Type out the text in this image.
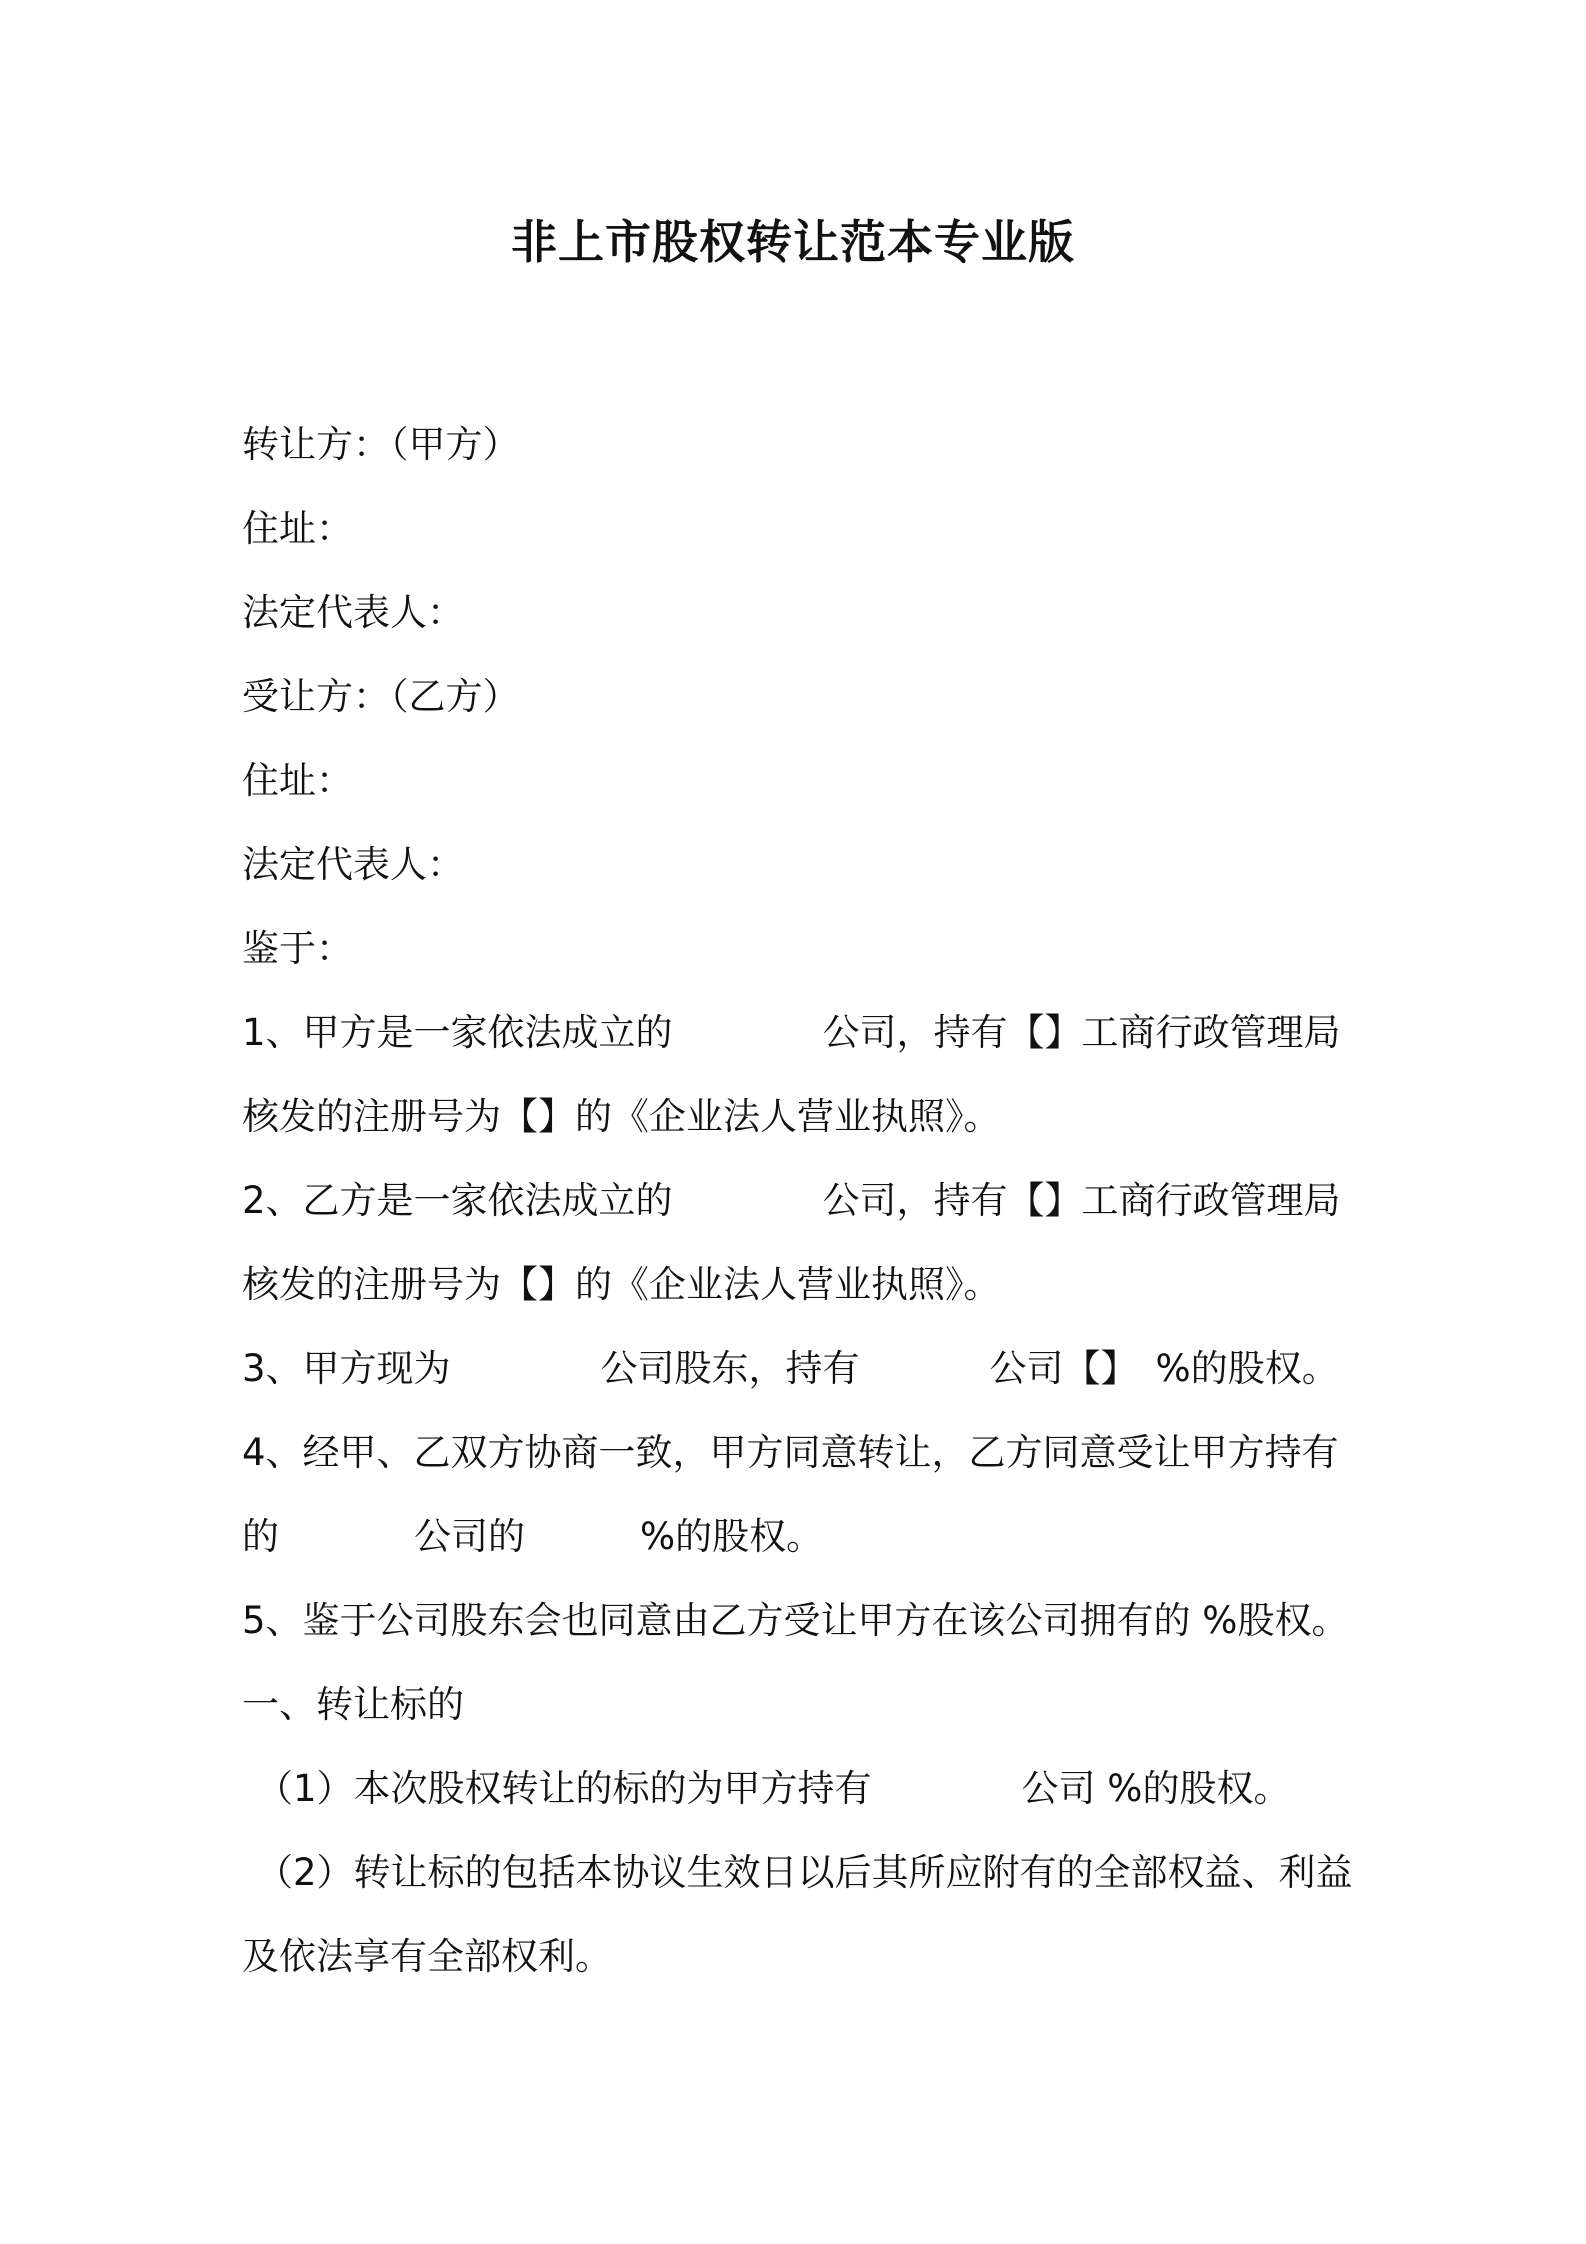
非上市股权转让范本专业版
转让方：（甲方）
住址：
法定代表人：
受让方：（乙方）
住址：
法定代表人：
鉴于：
1、甲方是一家依法成立的	公司，持有【】工商行政管理局
核发的注册号为【】的《企业法人营业执照》。
2、乙方是一家依法成立的	公司，持有【】工商行政管理局
核发的注册号为【】的《企业法人营业执照》。
3、甲方现为	公司股东，持有	公司【】 %的股权。
4、经甲、乙双方协商一致，甲方同意转让，乙方同意受让甲方持有
的	公司的	%的股权。
5、鉴于公司股东会也同意由乙方受让甲方在该公司拥有的 %股权。
一、转让标的
（1）本次股权转让的标的为甲方持有	公司 %的股权。
（2）转让标的包括本协议生效日以后其所应附有的全部权益、利益
及依法享有全部权利。
